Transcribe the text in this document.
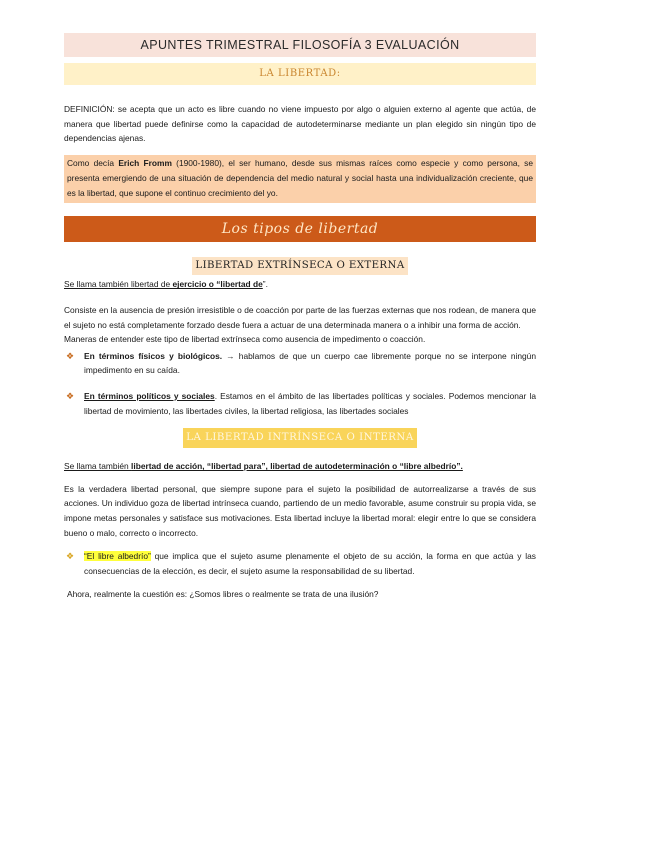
APUNTES TRIMESTRAL FILOSOFÍA 3 EVALUACIÓN
LA LIBERTAD:

DEFINICIÓN: se acepta que un acto es libre cuando no viene impuesto por algo o alguien externo al agente que actúa, de manera que libertad puede definirse como la capacidad de autodeterminarse mediante un plan elegido sin ningún tipo de dependencias ajenas.

Como decía Erich Fromm (1900-1980), el ser humano, desde sus mismas raíces como especie y como persona, se presenta emergiendo de una situación de dependencia del medio natural y social hasta una individualización creciente, que es la libertad, que supone el continuo crecimiento del yo.

Los tipos de libertad
LIBERTAD EXTRÍNSECA O EXTERNA

Se llama también libertad de ejercicio o “libertad de”.

Consiste en la ausencia de presión irresistible o de coacción por parte de las fuerzas externas que nos rodean, de manera que el sujeto no está completamente forzado desde fuera a actuar de una determinada manera o a inhibir una forma de acción.

Maneras de entender este tipo de libertad extrínseca como ausencia de impedimento o coacción.

❖ En términos físicos y biológicos. → hablamos de que un cuerpo cae libremente porque no se interpone ningún impedimento en su caída.

❖ En términos políticos y sociales. Estamos en el ámbito de las libertades políticas y sociales. Podemos mencionar la libertad de movimiento, las libertades civiles, la libertad religiosa, las libertades sociales

LA LIBERTAD INTRÍNSECA O INTERNA

Se llama también libertad de acción, “libertad para”, libertad de autodeterminación o “libre albedrío”.

Es la verdadera libertad personal, que siempre supone para el sujeto la posibilidad de autorrealizarse a través de sus acciones. Un individuo goza de libertad intrínseca cuando, partiendo de un medio favorable, asume construir su propia vida, se impone metas personales y satisface sus motivaciones. Esta libertad incluye la libertad moral: elegir entre lo que se considera bueno o malo, correcto o incorrecto.

❖ “El libre albedrío” que implica que el sujeto asume plenamente el objeto de su acción, la forma en que actúa y las consecuencias de la elección, es decir, el sujeto asume la responsabilidad de su libertad.

Ahora, realmente la cuestión es: ¿Somos libres o realmente se trata de una ilusión?
